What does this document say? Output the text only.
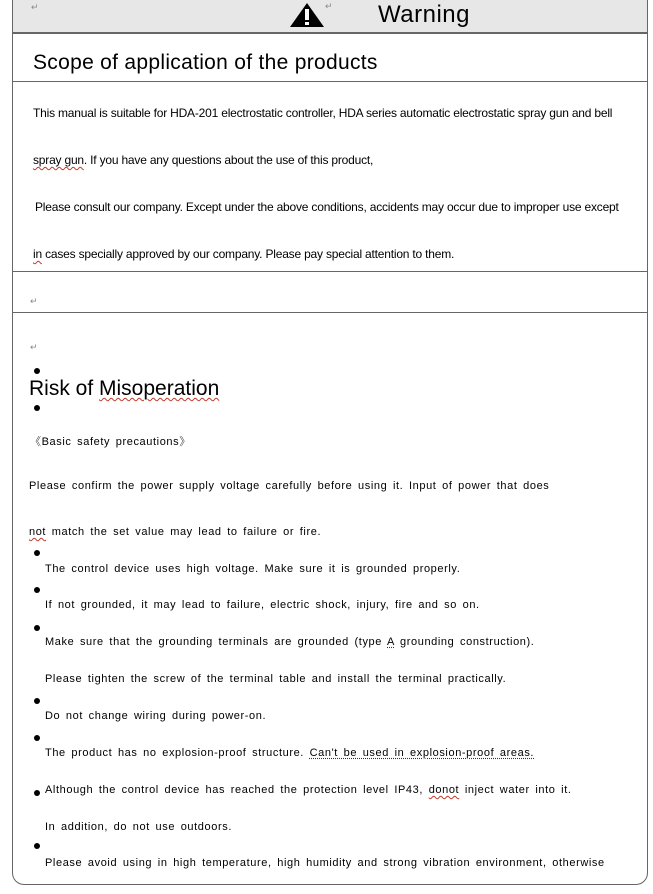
↵	↵ Warning
Scope of application of the products
This manual is suitable for HDA-201 electrostatic controller, HDA series automatic electrostatic spray gun and bell
spray gun. If you have any questions about the use of this product,
Please consult our company. Except under the above conditions, accidents may occur due to improper use except
in cases specially approved by our company. Please pay special attention to them.
↵
↵
Risk of Misoperation
《Basic safety precautions》
Please confirm the power supply voltage carefully before using it. Input of power that does
not match the set value may lead to failure or fire.
The control device uses high voltage. Make sure it is grounded properly.
If not grounded, it may lead to failure, electric shock, injury, fire and so on.
Make sure that the grounding terminals are grounded (type A grounding construction).
Please tighten the screw of the terminal table and install the terminal practically.
Do not change wiring during power-on.
The product has no explosion-proof structure. Can't be used in explosion-proof areas.
Although the control device has reached the protection level IP43, donot inject water into it.
In addition, do not use outdoors.
Please avoid using in high temperature, high humidity and strong vibration environment, otherwise
